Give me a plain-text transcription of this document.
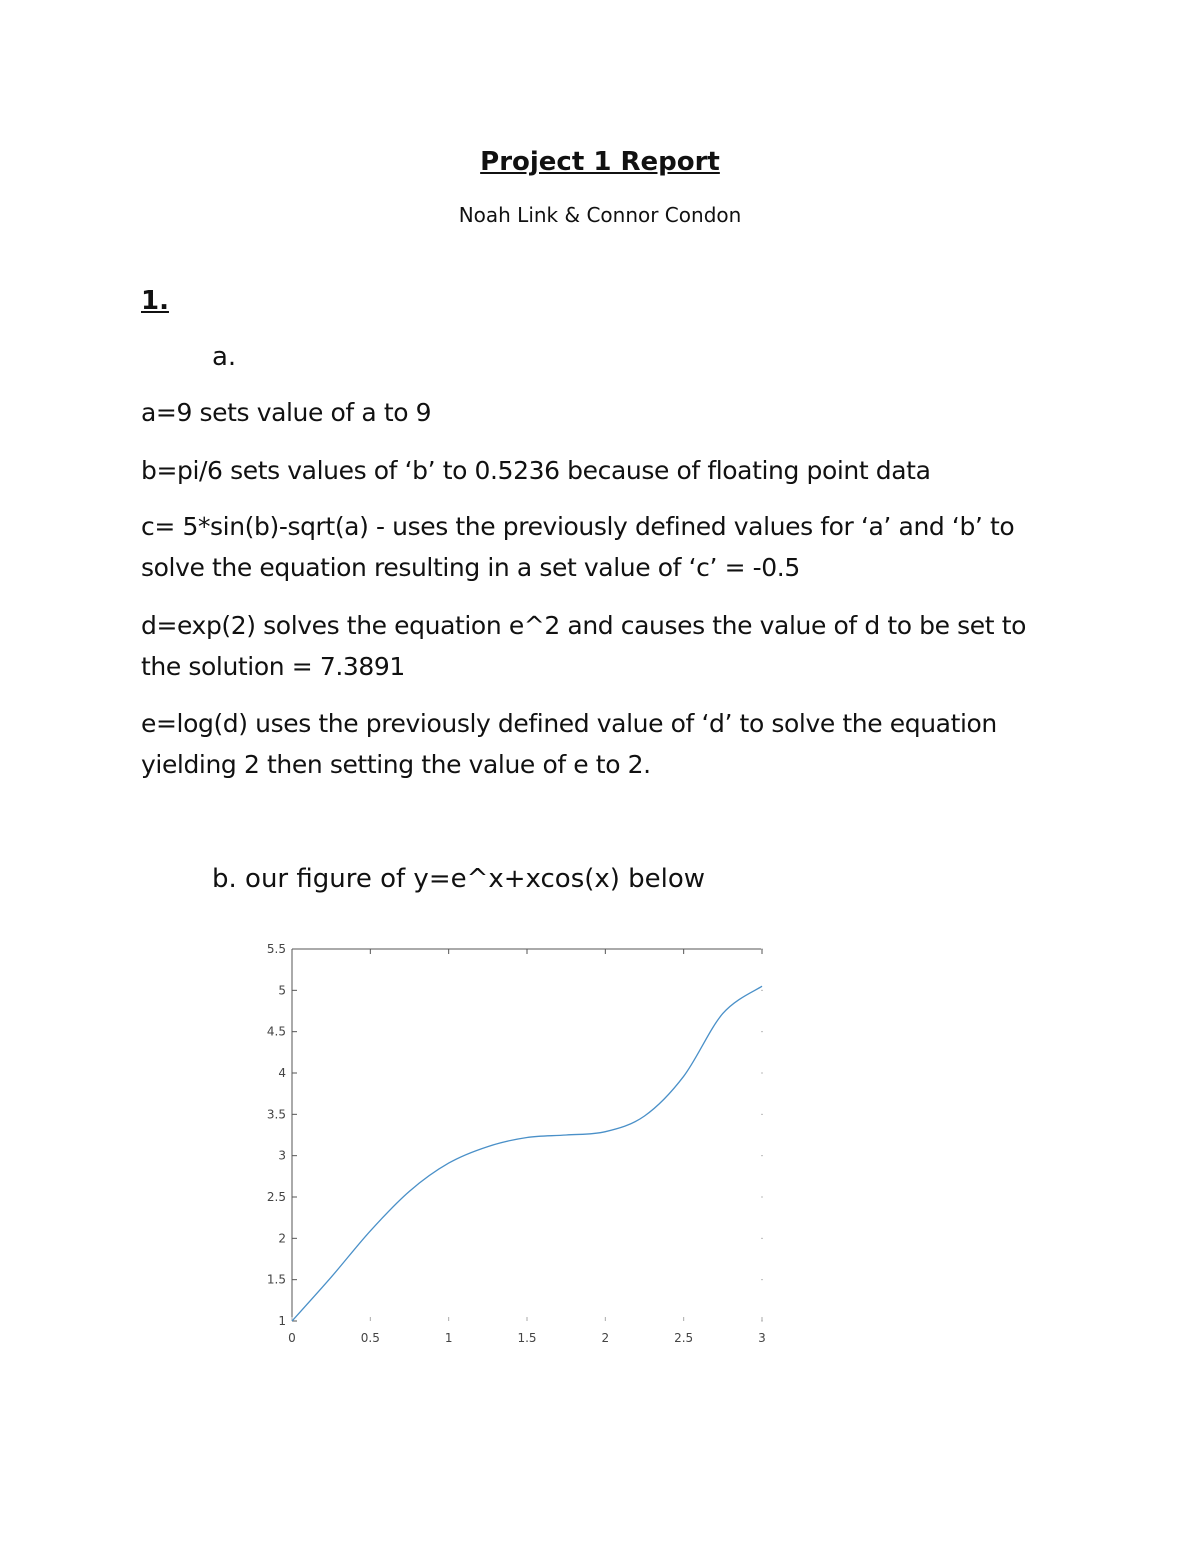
Project 1 Report
Noah Link & Connor Condon
1.
a.
a=9 sets value of a to 9
b=pi/6 sets values of ‘b’ to 0.5236 because of floating point data
c= 5*sin(b)-sqrt(a) - uses the previously defined values for ‘a’ and ‘b’ to
solve the equation resulting in a set value of ‘c’ = -0.5
d=exp(2) solves the equation e^2 and causes the value of d to be set to
the solution = 7.3891
e=log(d) uses the previously defined value of ‘d’ to solve the equation
yielding 2 then setting the value of e to 2.
b. our figure of y=e^x+xcos(x) below
1
1.5
2
2.5
3
3.5
4
4.5
5
5.5
0	0.5	1	1.5	2	2.5	3
